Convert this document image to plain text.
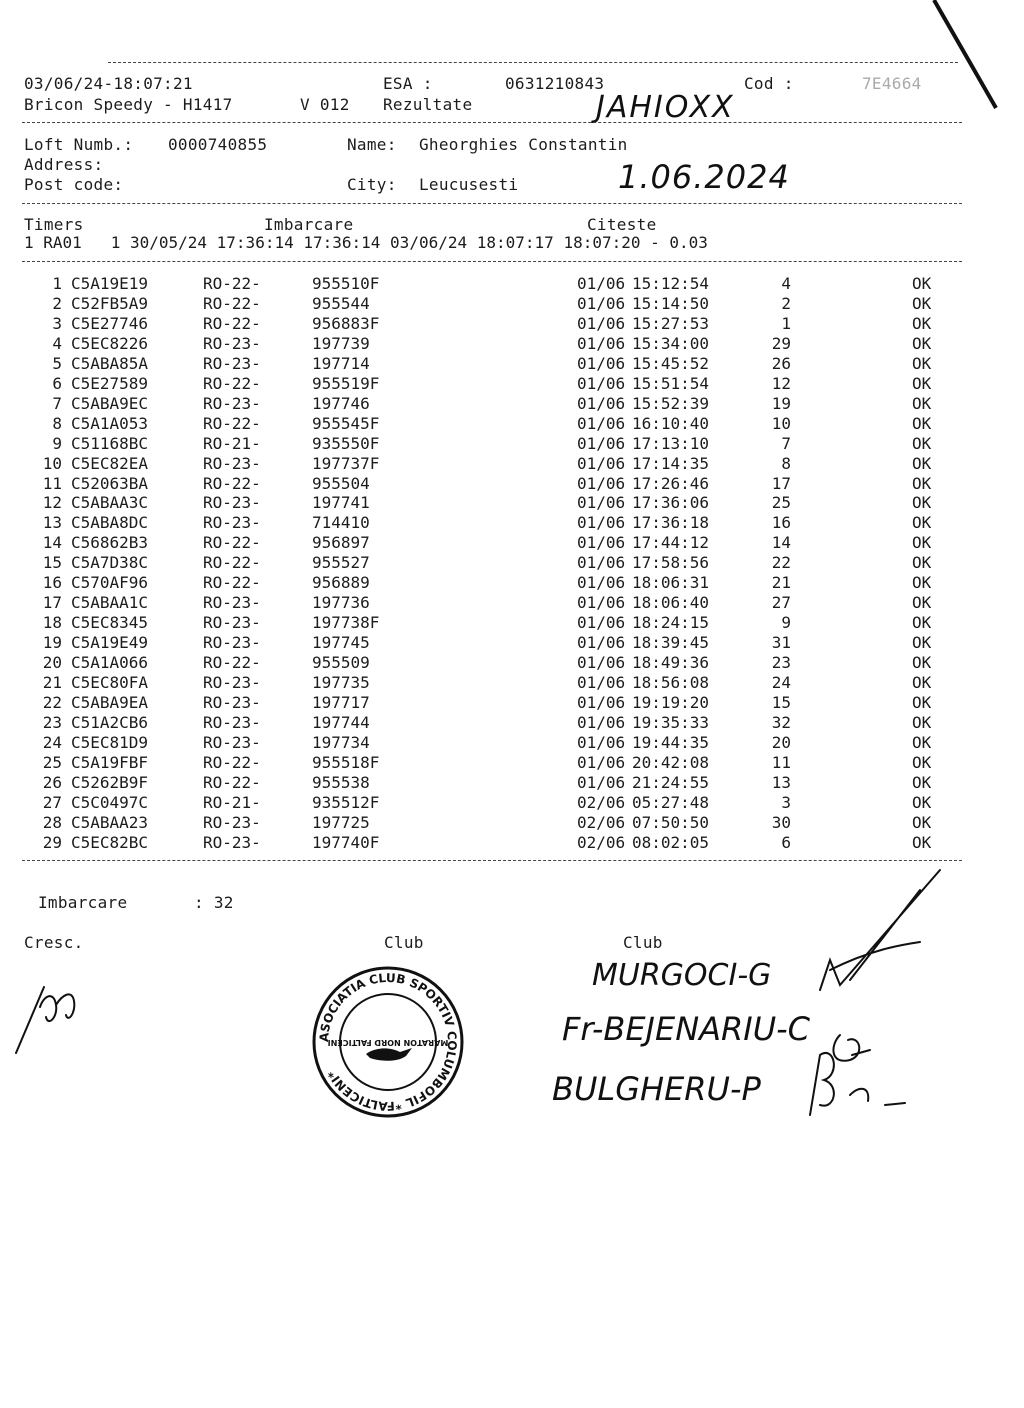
03/06/24-18:07:21	ESA :	0631210843	Cod :	7E4664
Bricon Speedy - H1417	V 012 Rezultate	JAHIOXX
Loft Numb.: 0000740855	Name: Gheorghies Constantin
Address:
Post code:	City: Leucusesti	1.06.2024
Timers	Imbarcare	Citeste
1 RA01   1 30/05/24 17:36:14 17:36:14 03/06/24 18:07:17 18:07:20 - 0.03
1 C5A19E19	RO-22-	955510F	01/06 15:12:54	4	OK
2 C52FB5A9	RO-22-	955544	01/06 15:14:50	2	OK
3 C5E27746	RO-22-	956883F	01/06 15:27:53	1	OK
4 C5EC8226	RO-23-	197739	01/06 15:34:00	29	OK
5 C5ABA85A	RO-23-	197714	01/06 15:45:52	26	OK
6 C5E27589	RO-22-	955519F	01/06 15:51:54	12	OK
7 C5ABA9EC	RO-23-	197746	01/06 15:52:39	19	OK
8 C5A1A053	RO-22-	955545F	01/06 16:10:40	10	OK
9 C51168BC	RO-21-	935550F	01/06 17:13:10	7	OK
10 C5EC82EA	RO-23-	197737F	01/06 17:14:35	8	OK
11 C52063BA	RO-22-	955504	01/06 17:26:46	17	OK
12 C5ABAA3C	RO-23-	197741	01/06 17:36:06	25	OK
13 C5ABA8DC	RO-23-	714410	01/06 17:36:18	16	OK
14 C56862B3	RO-22-	956897	01/06 17:44:12	14	OK
15 C5A7D38C	RO-22-	955527	01/06 17:58:56	22	OK
16 C570AF96	RO-22-	956889	01/06 18:06:31	21	OK
17 C5ABAA1C	RO-23-	197736	01/06 18:06:40	27	OK
18 C5EC8345	RO-23-	197738F	01/06 18:24:15	9	OK
19 C5A19E49	RO-23-	197745	01/06 18:39:45	31	OK
20 C5A1A066	RO-22-	955509	01/06 18:49:36	23	OK
21 C5EC80FA	RO-23-	197735	01/06 18:56:08	24	OK
22 C5ABA9EA	RO-23-	197717	01/06 19:19:20	15	OK
23 C51A2CB6	RO-23-	197744	01/06 19:35:33	32	OK
24 C5EC81D9	RO-23-	197734	01/06 19:44:35	20	OK
25 C5A19FBF	RO-22-	955518F	01/06 20:42:08	11	OK
26 C5262B9F	RO-22-	955538	01/06 21:24:55	13	OK
27 C5C0497C	RO-21-	935512F	02/06 05:27:48	3	OK
28 C5ABAA23	RO-23-	197725	02/06 07:50:50	30	OK
29 C5EC82BC	RO-23-	197740F	02/06 08:02:05	6	OK
Imbarcare	: 32
Cresc.	Club	Club
ASOCIATIA CLUB SPORTIV COLUMBOFIL *FALTICENI*
MARATON NORD FALTICENI
MURGOCI-G
Fr-BEJENARIU-C
BULGHERU-P
